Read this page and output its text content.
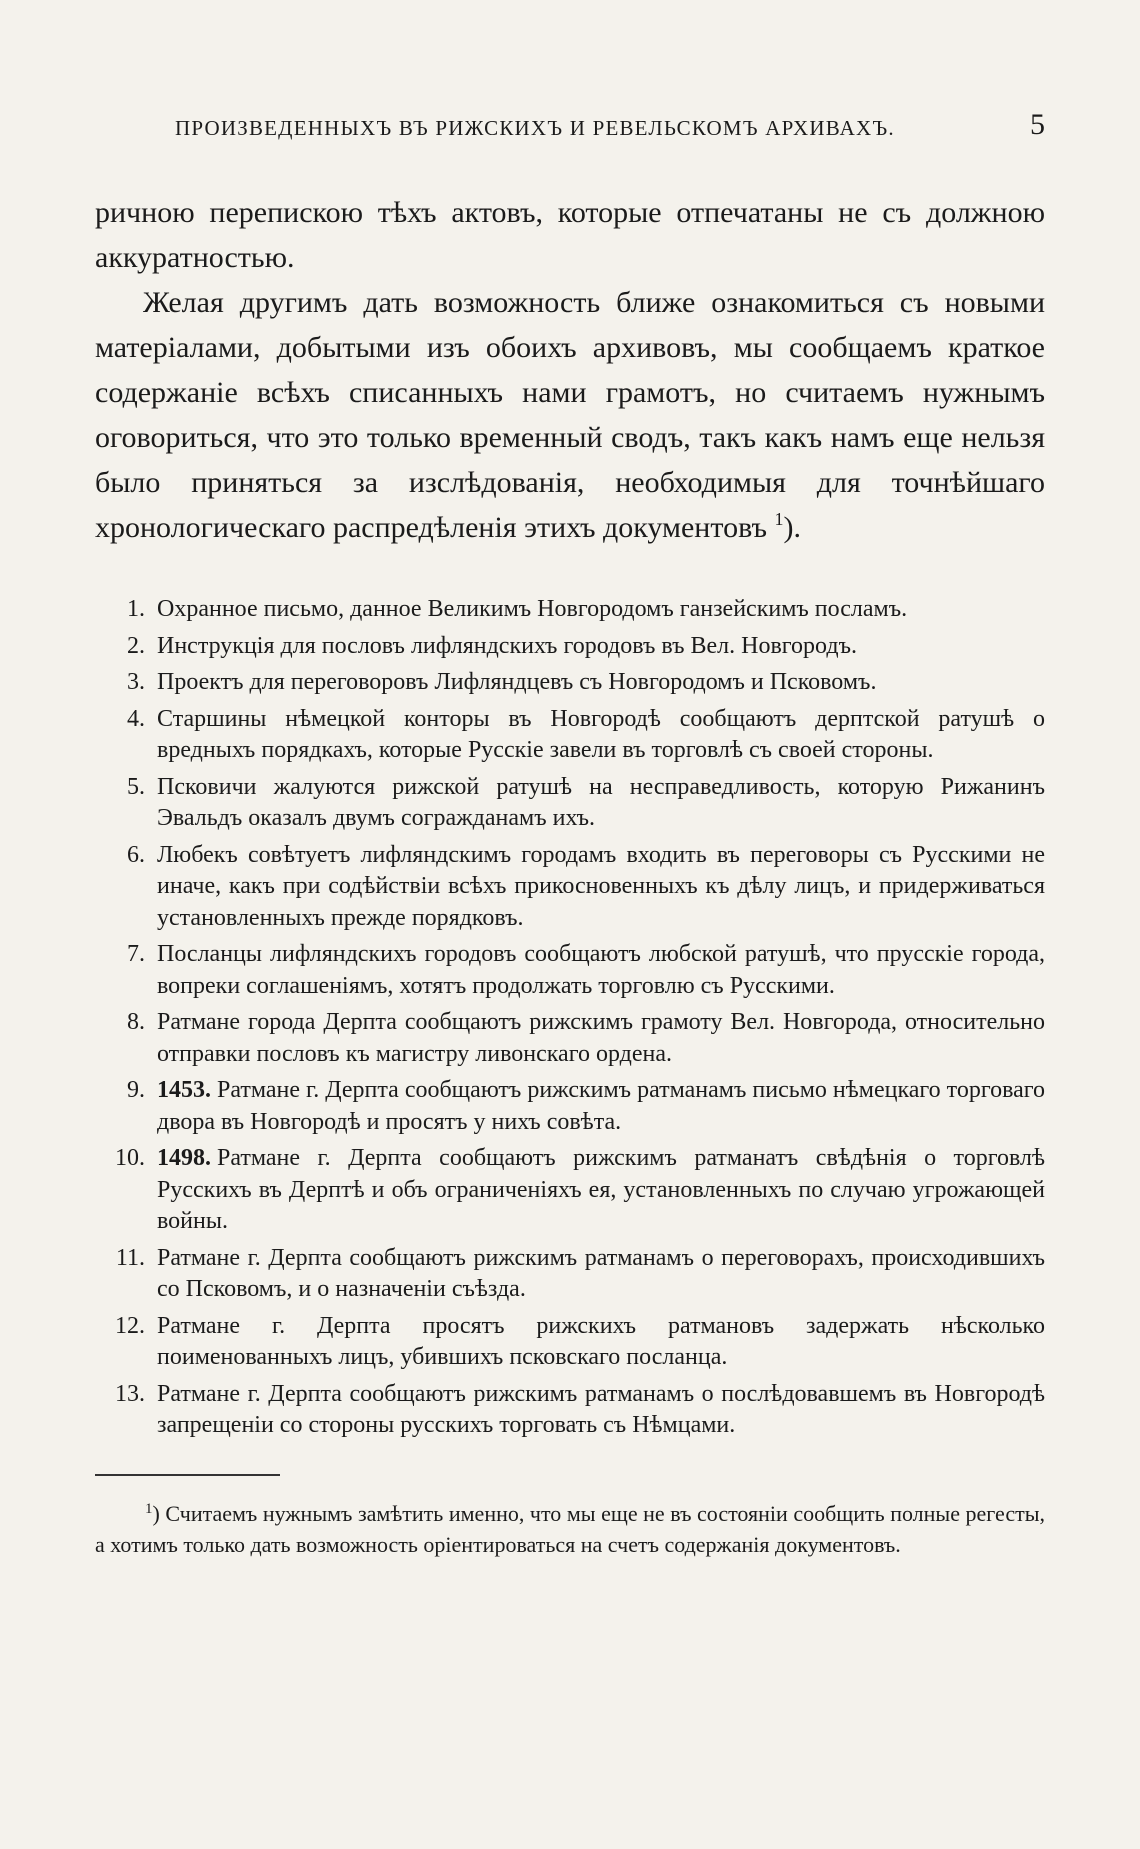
ПРОИЗВЕДЕННЫХЪ ВЪ РИЖСКИХЪ И РЕВЕЛЬСКОМЪ АРХИВАХЪ.	5

ричною перепискою тѣхъ актовъ, которые отпечатаны не съ должною аккуратностью.

Желая другимъ дать возможность ближе ознакомиться съ новыми матеріалами, добытыми изъ обоихъ архивовъ, мы сообщаемъ краткое содержаніе всѣхъ списанныхъ нами грамотъ, но считаемъ нужнымъ оговориться, что это только временный сводъ, такъ какъ намъ еще нельзя было приняться за изслѣдованія, необходимыя для точнѣйшаго хронологическаго распредѣленія этихъ документовъ $^1$).

1. Охранное письмо, данное Великимъ Новгородомъ ганзейскимъ посламъ.
2. Инструкція для пословъ лифляндскихъ городовъ въ Вел. Новгородъ.
3. Проектъ для переговоровъ Лифляндцевъ съ Новгородомъ и Псковомъ.
4. Старшины нѣмецкой конторы въ Новгородѣ сообщаютъ дерптской ратушѣ о вредныхъ порядкахъ, которые Русскіе завели въ торговлѣ съ своей стороны.
5. Псковичи жалуются рижской ратушѣ на несправедливость, которую Рижанинъ Эвальдъ оказалъ двумъ согражданамъ ихъ.
6. Любекъ совѣтуетъ лифляндскимъ городамъ входить въ переговоры съ Русскими не иначе, какъ при содѣйствіи всѣхъ прикосновенныхъ къ дѣлу лицъ, и придерживаться установленныхъ прежде порядковъ.
7. Посланцы лифляндскихъ городовъ сообщаютъ любской ратушѣ, что прусскіе города, вопреки соглашеніямъ, хотятъ продолжать торговлю съ Русскими.
8. Ратмане города Дерпта сообщаютъ рижскимъ грамоту Вел. Новгорода, относительно отправки пословъ къ магистру ливонскаго ордена.
9. 1453. Ратмане г. Дерпта сообщаютъ рижскимъ ратманамъ письмо нѣмецкаго торговаго двора въ Новгородѣ и просятъ у нихъ совѣта.
10. 1498. Ратмане г. Дерпта сообщаютъ рижскимъ ратманатъ свѣдѣнія о торговлѣ Русскихъ въ Дерптѣ и объ ограниченіяхъ ея, установленныхъ по случаю угрожающей войны.
11. Ратмане г. Дерпта сообщаютъ рижскимъ ратманамъ о переговорахъ, происходившихъ со Псковомъ, и о назначеніи съѣзда.
12. Ратмане г. Дерпта просятъ рижскихъ ратмановъ задержать нѣсколько поименованныхъ лицъ, убившихъ псковскаго посланца.
13. Ратмане г. Дерпта сообщаютъ рижскимъ ратманамъ о послѣдовавшемъ въ Новгородѣ запрещеніи со стороны русскихъ торговать съ Нѣмцами.
$^1$) Считаемъ нужнымъ замѣтить именно, что мы еще не въ состояніи сообщить полные регесты, а хотимъ только дать возможность оріентироваться на счетъ содержанія документовъ.
